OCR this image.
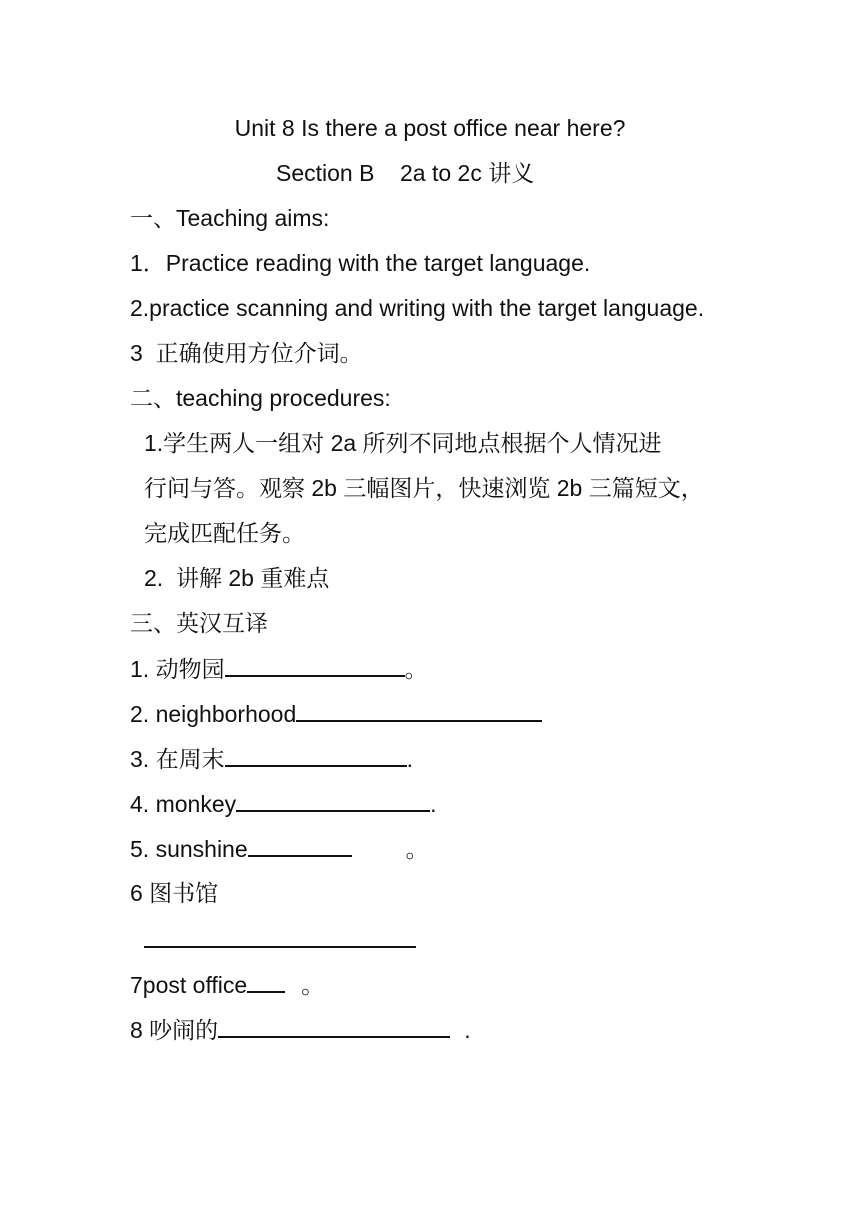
Unit 8 Is there a post office near here?
Section B    2a to 2c 讲义
一、Teaching aims:
1．Practice reading with the target language.
2.practice scanning and writing with the target language.
3  正确使用方位介词。
二、teaching procedures:
1.学生两人一组对 2a 所列不同地点根据个人情况进
行问与答。观察 2b 三幅图片，快速浏览 2b 三篇短文，
完成匹配任务。
2.  讲解 2b 重难点
三、英汉互译
1. 动物园	。
2. neighborhood
3. 在周末	.
4. monkey	.
5. sunshine	。
6 图书馆
7post office 。
8 吵闹的	.
